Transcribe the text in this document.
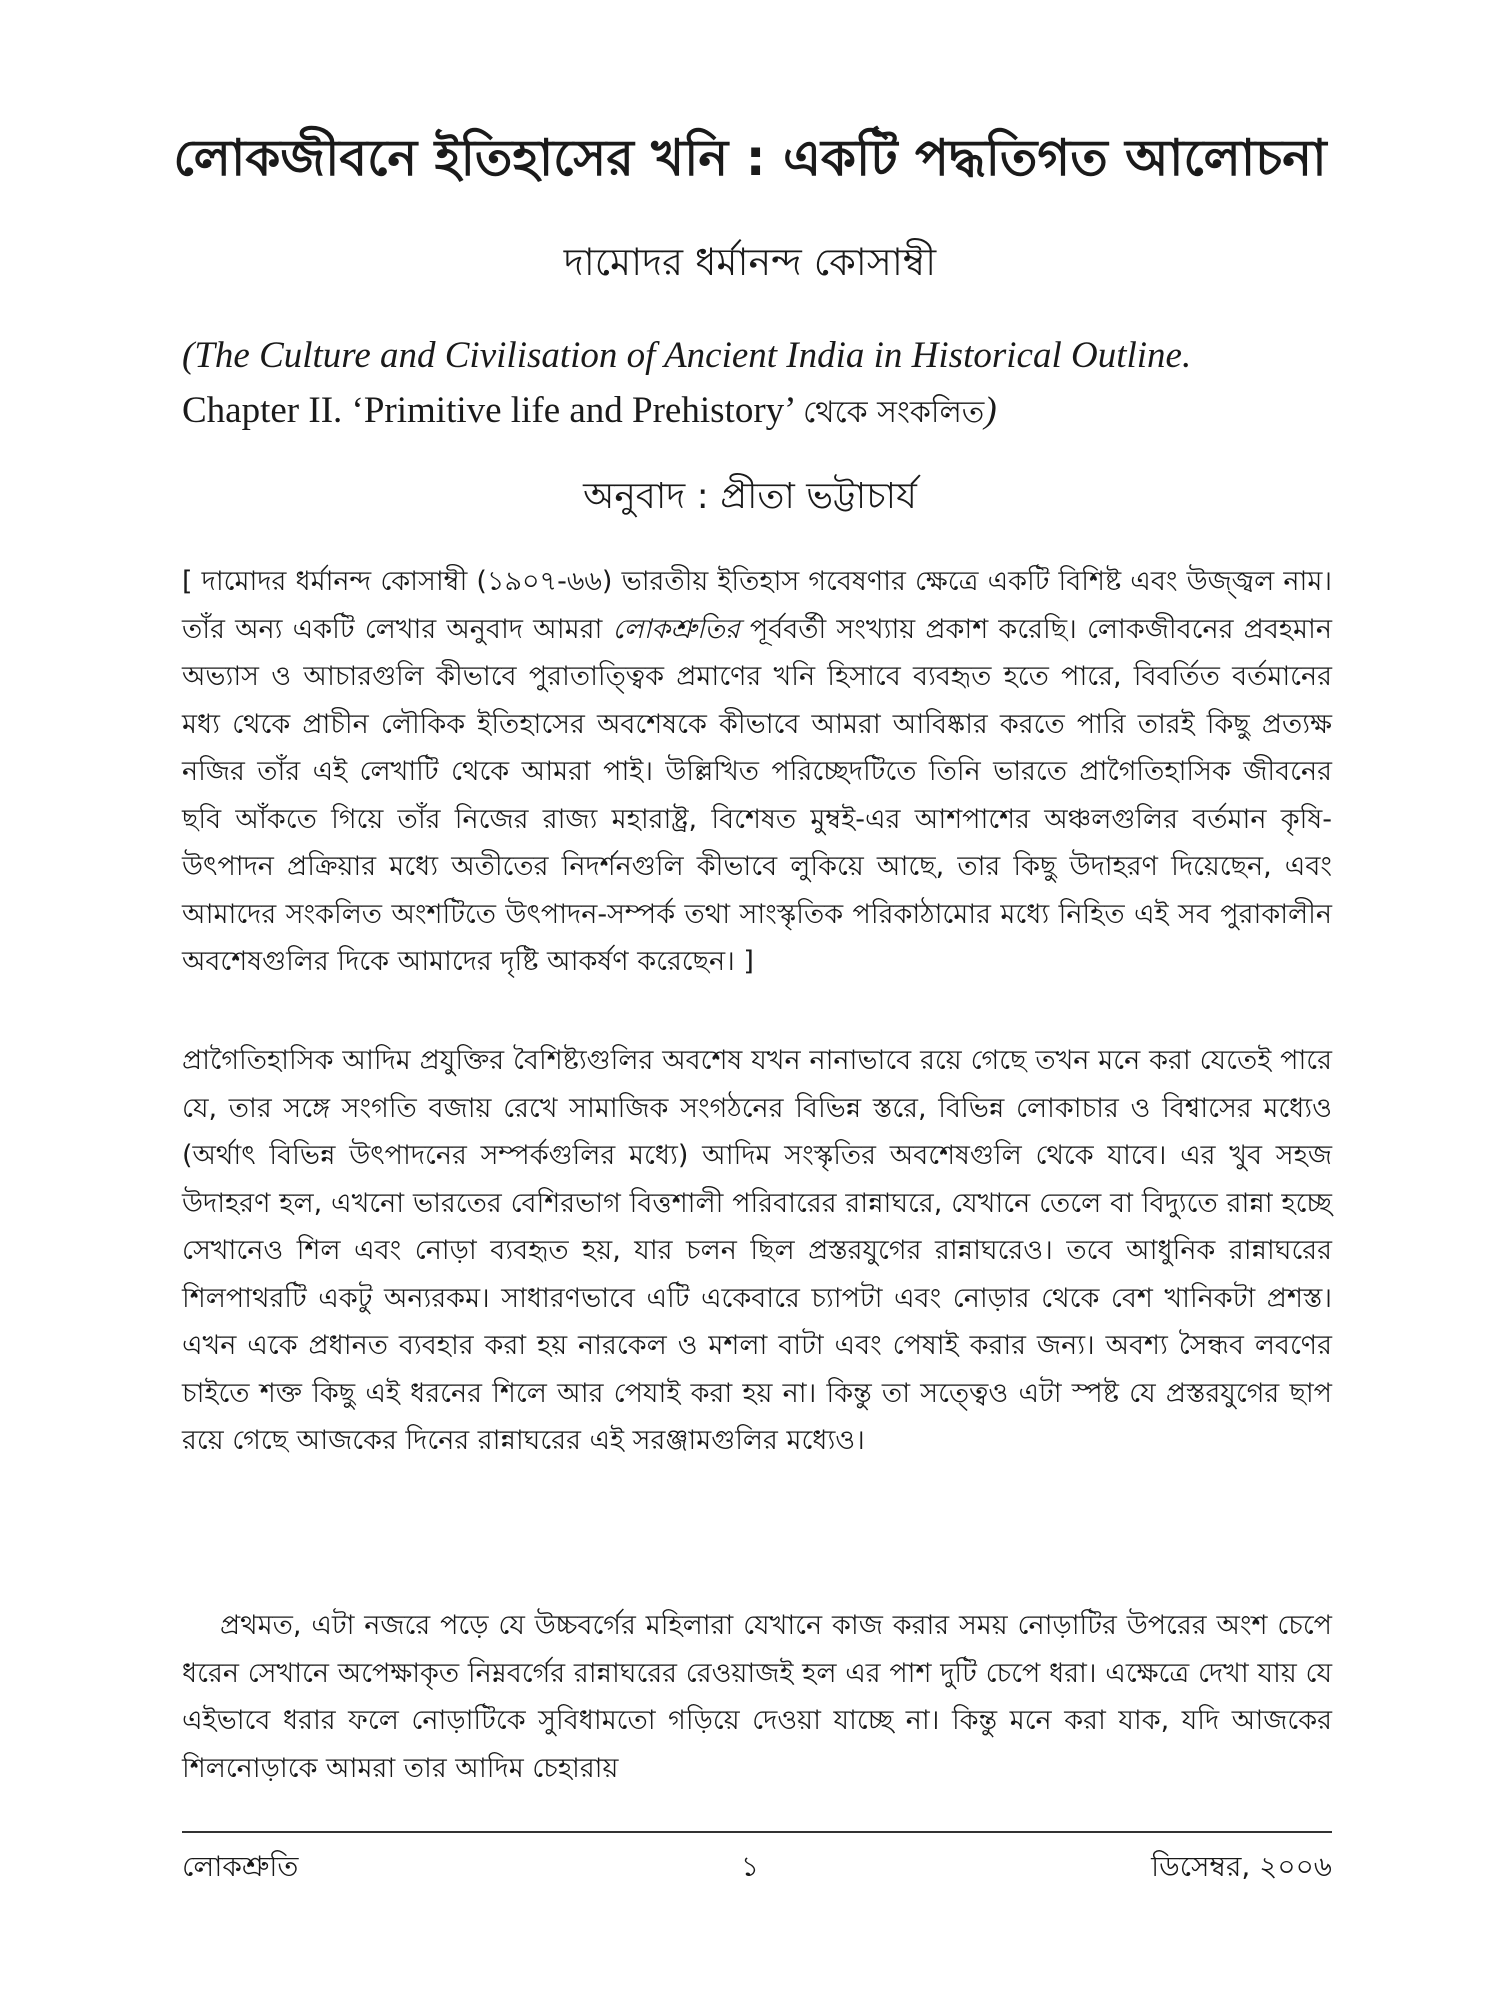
লোকজীবনে ইতিহাসের খনি : একটি পদ্ধতিগত আলোচনা
দামোদর ধর্মানন্দ কোসাম্বী
(The Culture and Civilisation of Ancient India in Historical Outline.
Chapter II. ‘Primitive life and Prehistory’ থেকে সংকলিত)
অনুবাদ : প্রীতা ভট্টাচার্য

[ দামোদর ধর্মানন্দ কোসাম্বী (১৯০৭-৬৬) ভারতীয় ইতিহাস গবেষণার ক্ষেত্রে একটি বিশিষ্ট এবং উজ্জ্বল নাম। তাঁর অন্য একটি লেখার অনুবাদ আমরা লোকশ্রুতির পূর্ববর্তী সংখ্যায় প্রকাশ করেছি। লোকজীবনের প্রবহমান অভ্যাস ও আচারগুলি কীভাবে পুরাতাত্ত্বিক প্রমাণের খনি হিসাবে ব্যবহৃত হতে পারে, বিবর্তিত বর্তমানের মধ্য থেকে প্রাচীন লৌকিক ইতিহাসের অবশেষকে কীভাবে আমরা আবিষ্কার করতে পারি তারই কিছু প্রত্যক্ষ নজির তাঁর এই লেখাটি থেকে আমরা পাই। উল্লিখিত পরিচ্ছেদটিতে তিনি ভারতে প্রাগৈতিহাসিক জীবনের ছবি আঁকতে গিয়ে তাঁর নিজের রাজ্য মহারাষ্ট্র, বিশেষত মুম্বই-এর আশপাশের অঞ্চলগুলির বর্তমান কৃষি-উৎপাদন প্রক্রিয়ার মধ্যে অতীতের নিদর্শনগুলি কীভাবে লুকিয়ে আছে, তার কিছু উদাহরণ দিয়েছেন, এবং আমাদের সংকলিত অংশটিতে উৎপাদন-সম্পর্ক তথা সাংস্কৃতিক পরিকাঠামোর মধ্যে নিহিত এই সব পুরাকালীন অবশেষগুলির দিকে আমাদের দৃষ্টি আকর্ষণ করেছেন। ]

প্রাগৈতিহাসিক আদিম প্রযুক্তির বৈশিষ্ট্যগুলির অবশেষ যখন নানাভাবে রয়ে গেছে তখন মনে করা যেতেই পারে যে, তার সঙ্গে সংগতি বজায় রেখে সামাজিক সংগঠনের বিভিন্ন স্তরে, বিভিন্ন লোকাচার ও বিশ্বাসের মধ্যেও (অর্থাৎ বিভিন্ন উৎপাদনের সম্পর্কগুলির মধ্যে) আদিম সংস্কৃতির অবশেষগুলি থেকে যাবে। এর খুব সহজ উদাহরণ হল, এখনো ভারতের বেশিরভাগ বিত্তশালী পরিবারের রান্নাঘরে, যেখানে তেলে বা বিদ্যুতে রান্না হচ্ছে সেখানেও শিল এবং নোড়া ব্যবহৃত হয়, যার চলন ছিল প্রস্তরযুগের রান্নাঘরেও। তবে আধুনিক রান্নাঘরের শিলপাথরটি একটু অন্যরকম। সাধারণভাবে এটি একেবারে চ্যাপটা এবং নোড়ার থেকে বেশ খানিকটা প্রশস্ত। এখন একে প্রধানত ব্যবহার করা হয় নারকেল ও মশলা বাটা এবং পেষাই করার জন্য। অবশ্য সৈন্ধব লবণের চাইতে শক্ত কিছু এই ধরনের শিলে আর পেযাই করা হয় না। কিন্তু তা সত্ত্বেও এটা স্পষ্ট যে প্রস্তরযুগের ছাপ রয়ে গেছে আজকের দিনের রান্নাঘরের এই সরঞ্জামগুলির মধ্যেও।

প্রথমত, এটা নজরে পড়ে যে উচ্চবর্গের মহিলারা যেখানে কাজ করার সময় নোড়াটির উপরের অংশ চেপে ধরেন সেখানে অপেক্ষাকৃত নিম্নবর্গের রান্নাঘরের রেওয়াজই হল এর পাশ দুটি চেপে ধরা। এক্ষেত্রে দেখা যায় যে এইভাবে ধরার ফলে নোড়াটিকে সুবিধামতো গড়িয়ে দেওয়া যাচ্ছে না। কিন্তু মনে করা যাক, যদি আজকের শিলনোড়াকে আমরা তার আদিম চেহারায়

লোকশ্রুতি	১	ডিসেম্বর, ২০০৬
